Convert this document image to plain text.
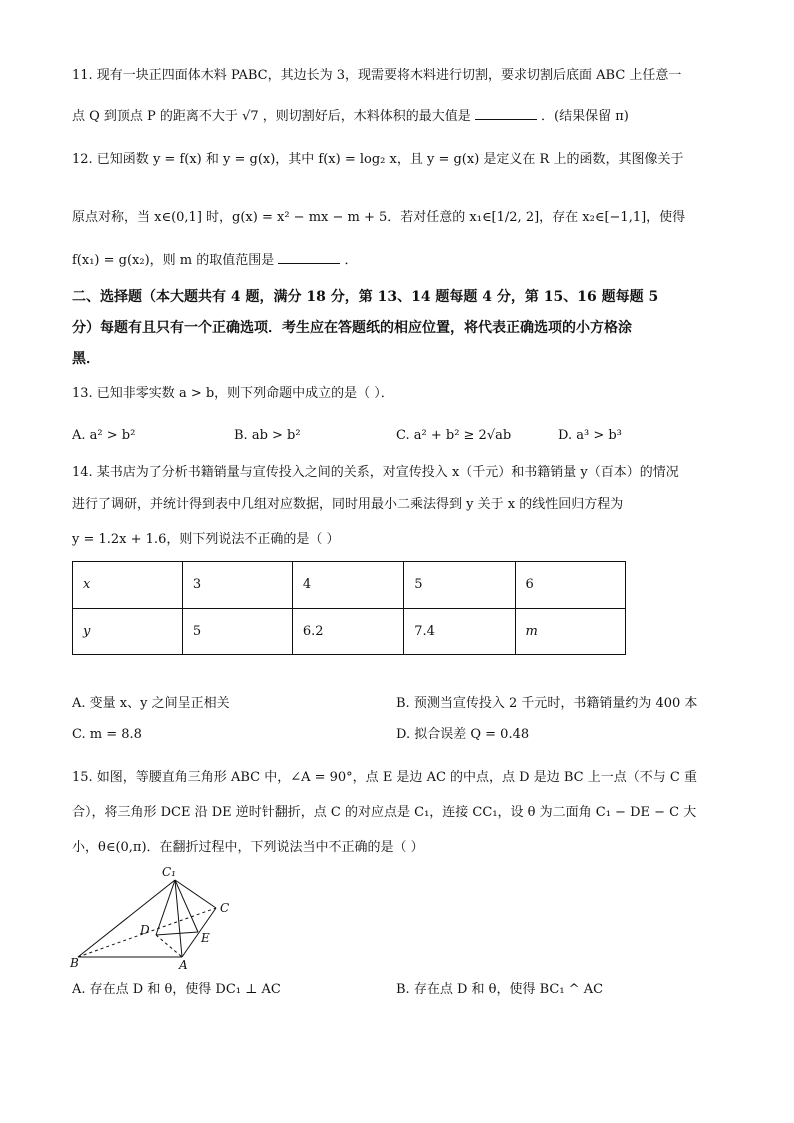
11. 现有一块正四面体木料 PABC，其边长为 3，现需要将木料进行切割，要求切割后底面 ABC 上任意一
点 Q 到顶点 P 的距离不大于 √7 ，则切割好后，木料体积的最大值是	．(结果保留 π)
12. 已知函数 y = f(x) 和 y = g(x)，其中 f(x) = log₂ x，且 y = g(x) 是定义在 R 上的函数，其图像关于
原点对称，当 x∈(0,1] 时，g(x) = x² − mx − m + 5．若对任意的 x₁∈[1/2, 2]，存在 x₂∈[−1,1]，使得
f(x₁) = g(x₂)，则 m 的取值范围是	．
二、选择题（本大题共有 4 题，满分 18 分，第 13、14 题每题 4 分，第 15、16 题每题 5
分）每题有且只有一个正确选项．考生应在答题纸的相应位置，将代表正确选项的小方格涂
黑．
13. 已知非零实数 a > b，则下列命题中成立的是（ ）．
A. a² > b²	B. ab > b²	C. a² + b² ≥ 2√ab	D. a³ > b³
14. 某书店为了分析书籍销量与宣传投入之间的关系，对宣传投入 x（千元）和书籍销量 y（百本）的情况
进行了调研，并统计得到表中几组对应数据，同时用最小二乘法得到 y 关于 x 的线性回归方程为
y = 1.2x + 1.6，则下列说法不正确的是（ ）
x	3	4	5	6
y	5	6.2	7.4	m
A. 变量 x、y 之间呈正相关	B. 预测当宣传投入 2 千元时，书籍销量约为 400 本
C. m = 8.8	D. 拟合误差 Q = 0.48
15. 如图，等腰直角三角形 ABC 中，∠A = 90°，点 E 是边 AC 的中点，点 D 是边 BC 上一点（不与 C 重
合），将三角形 DCE 沿 DE 逆时针翻折，点 C 的对应点是 C₁，连接 CC₁，设 θ 为二面角 C₁ − DE − C 大
小，θ∈(0,π)．在翻折过程中，下列说法当中不正确的是（ ）
C₁
C
D
E
B	A
A. 存在点 D 和 θ，使得 DC₁ ⊥ AC	B. 存在点 D 和 θ，使得 BC₁ ^ AC
